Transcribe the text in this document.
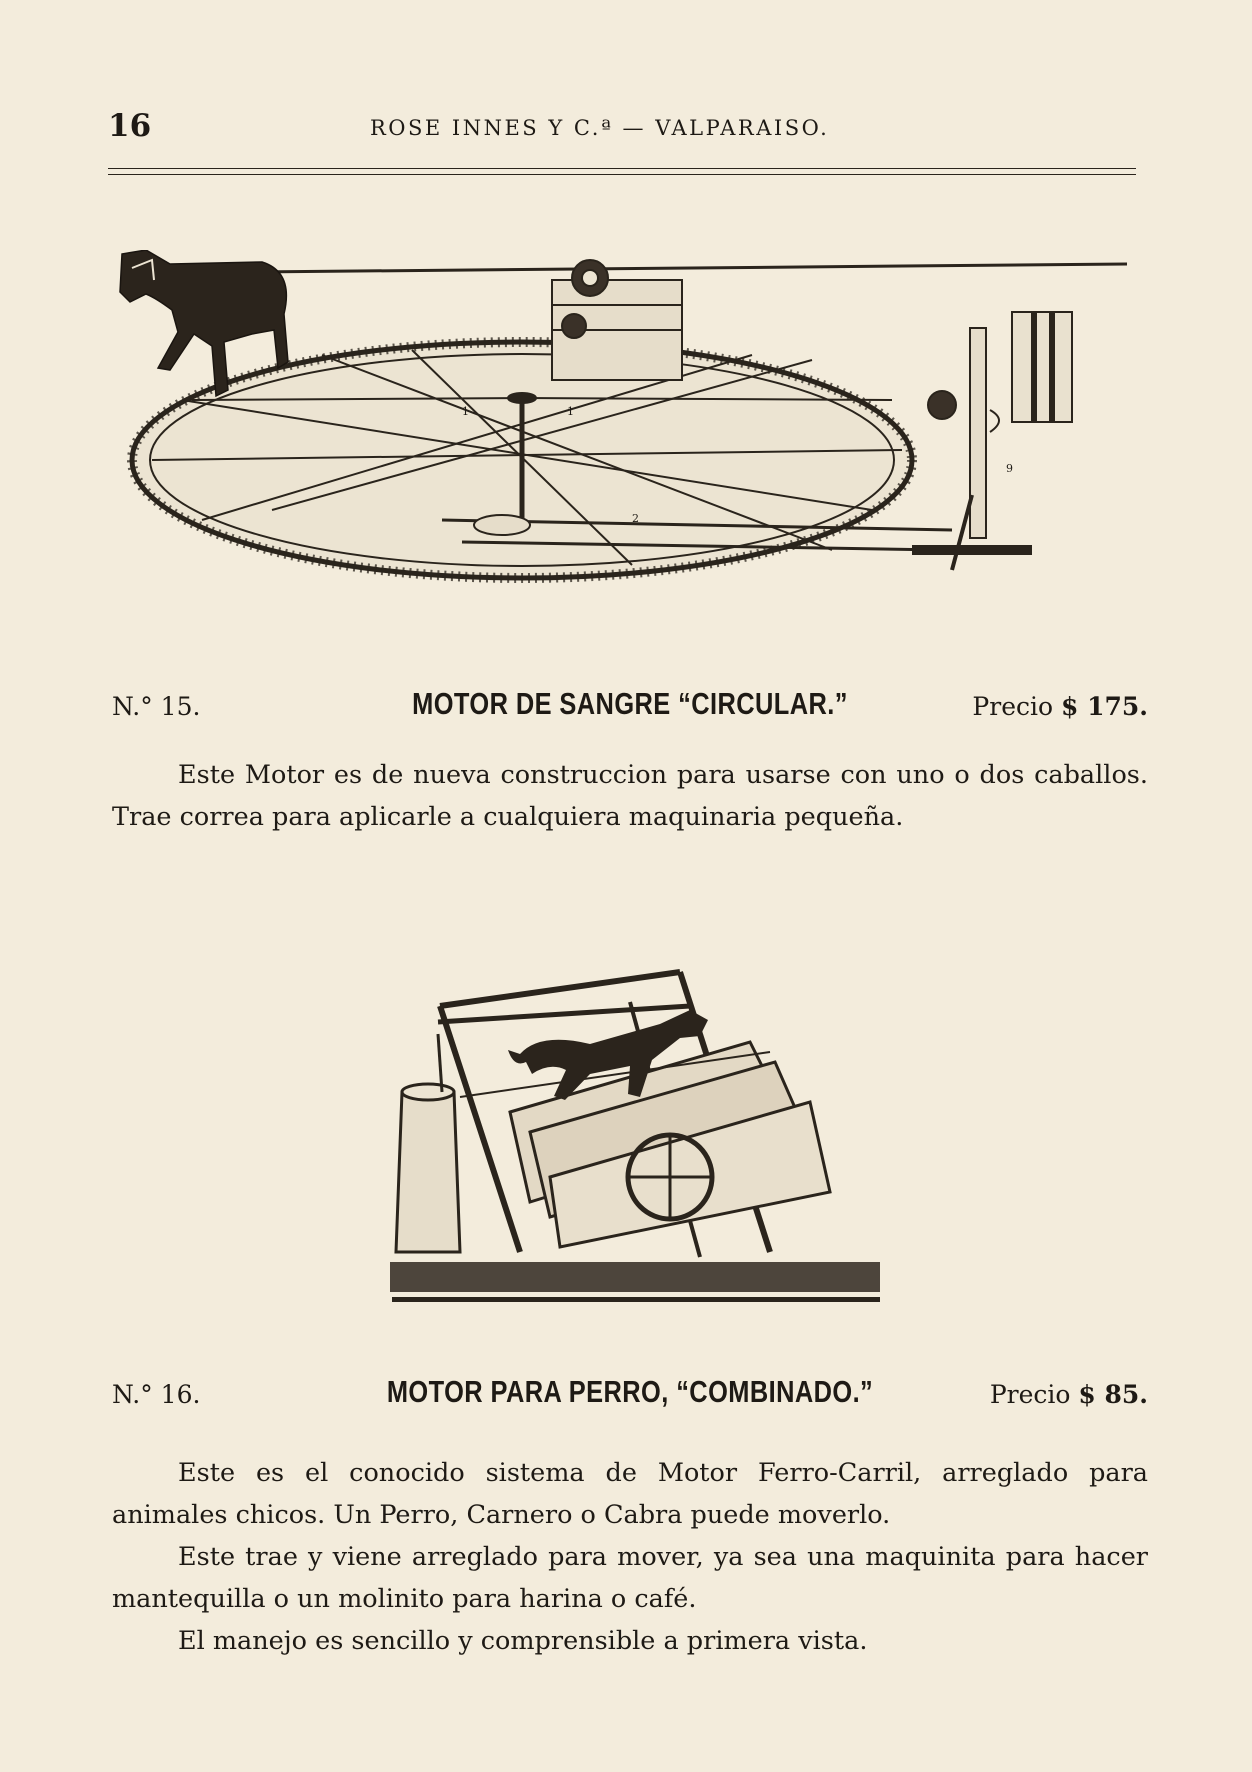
16	ROSE INNES Y C.ª — VALPARAISO.
1	1
2
9
N.° 15.	MOTOR DE SANGRE “CIRCULAR.”	Precio $ 175.

Este Motor es de nueva construccion para usarse con uno o dos caballos. Trae correa para aplicarle a cualquiera maquinaria pequeña.

N.° 16.	MOTOR PARA PERRO, “COMBINADO.”	Precio $ 85.

Este es el conocido sistema de Motor Ferro-Carril, arreglado para animales chicos. Un Perro, Carnero o Cabra puede moverlo.

Este trae y viene arreglado para mover, ya sea una maquinita para hacer mantequilla o un molinito para harina o café.

El manejo es sencillo y comprensible a primera vista.
